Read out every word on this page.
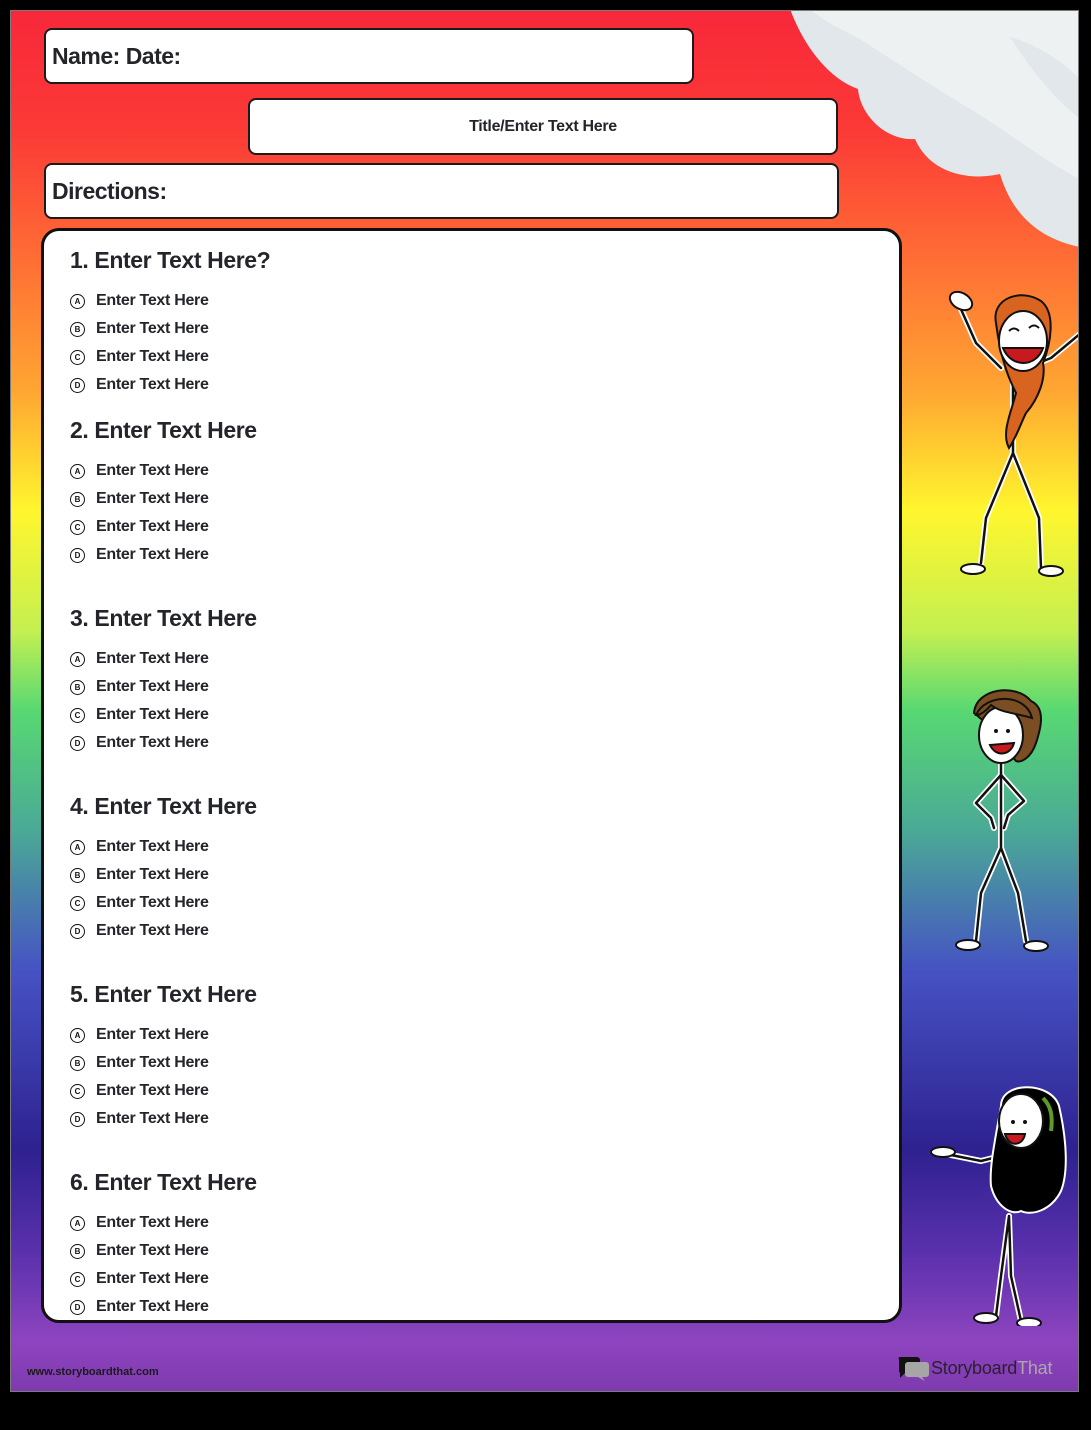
Name: Date:
Title/Enter Text Here
Directions:
1. Enter Text Here?
A Enter Text Here
B Enter Text Here
C Enter Text Here
D Enter Text Here
2. Enter Text Here
A Enter Text Here
B Enter Text Here
C Enter Text Here
D Enter Text Here
3. Enter Text Here
A Enter Text Here
B Enter Text Here
C Enter Text Here
D Enter Text Here
4. Enter Text Here
A Enter Text Here
B Enter Text Here
C Enter Text Here
D Enter Text Here
5. Enter Text Here
A Enter Text Here
B Enter Text Here
C Enter Text Here
D Enter Text Here
6. Enter Text Here
A Enter Text Here
B Enter Text Here
C Enter Text Here
D Enter Text Here
www.storyboardthat.com	StoryboardThat
